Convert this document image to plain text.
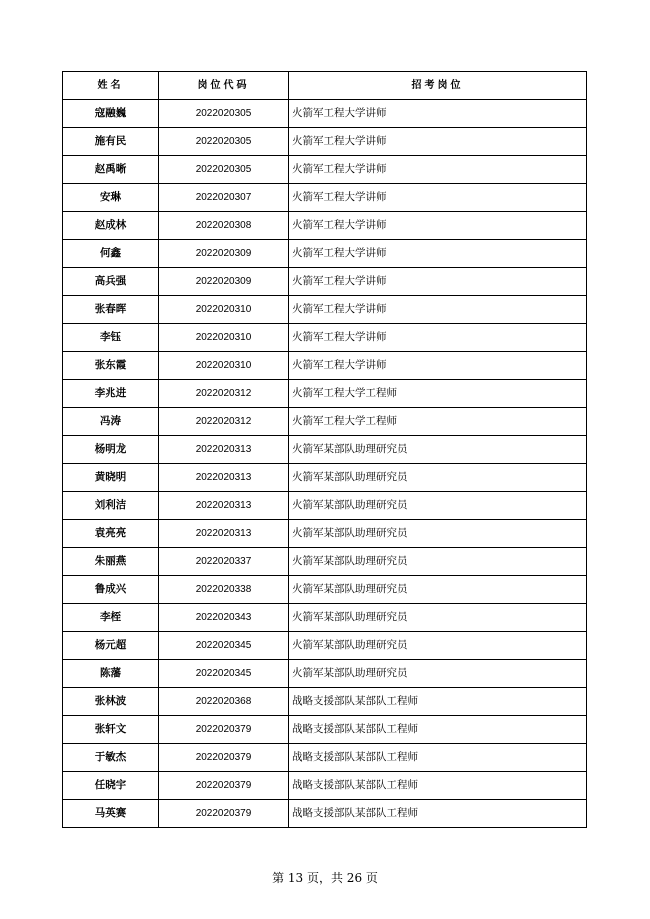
姓名	岗位代码	招考岗位
寇融巍	2022020305	火箭军工程大学讲师
施有民	2022020305	火箭军工程大学讲师
赵禹晰	2022020305	火箭军工程大学讲师
安琳	2022020307	火箭军工程大学讲师
赵成林	2022020308	火箭军工程大学讲师
何鑫	2022020309	火箭军工程大学讲师
高兵强	2022020309	火箭军工程大学讲师
张春晖	2022020310	火箭军工程大学讲师
李钰	2022020310	火箭军工程大学讲师
张东霞	2022020310	火箭军工程大学讲师
李兆进	2022020312	火箭军工程大学工程师
冯涛	2022020312	火箭军工程大学工程师
杨明龙	2022020313	火箭军某部队助理研究员
黄晓明	2022020313	火箭军某部队助理研究员
刘利洁	2022020313	火箭军某部队助理研究员
袁亮亮	2022020313	火箭军某部队助理研究员
朱丽燕	2022020337	火箭军某部队助理研究员
鲁成兴	2022020338	火箭军某部队助理研究员
李桎	2022020343	火箭军某部队助理研究员
杨元超	2022020345	火箭军某部队助理研究员
陈藩	2022020345	火箭军某部队助理研究员
张林波	2022020368	战略支援部队某部队工程师
张轩文	2022020379	战略支援部队某部队工程师
于敏杰	2022020379	战略支援部队某部队工程师
任晓宇	2022020379	战略支援部队某部队工程师
马英赛	2022020379	战略支援部队某部队工程师
第 13 页，共 26 页
